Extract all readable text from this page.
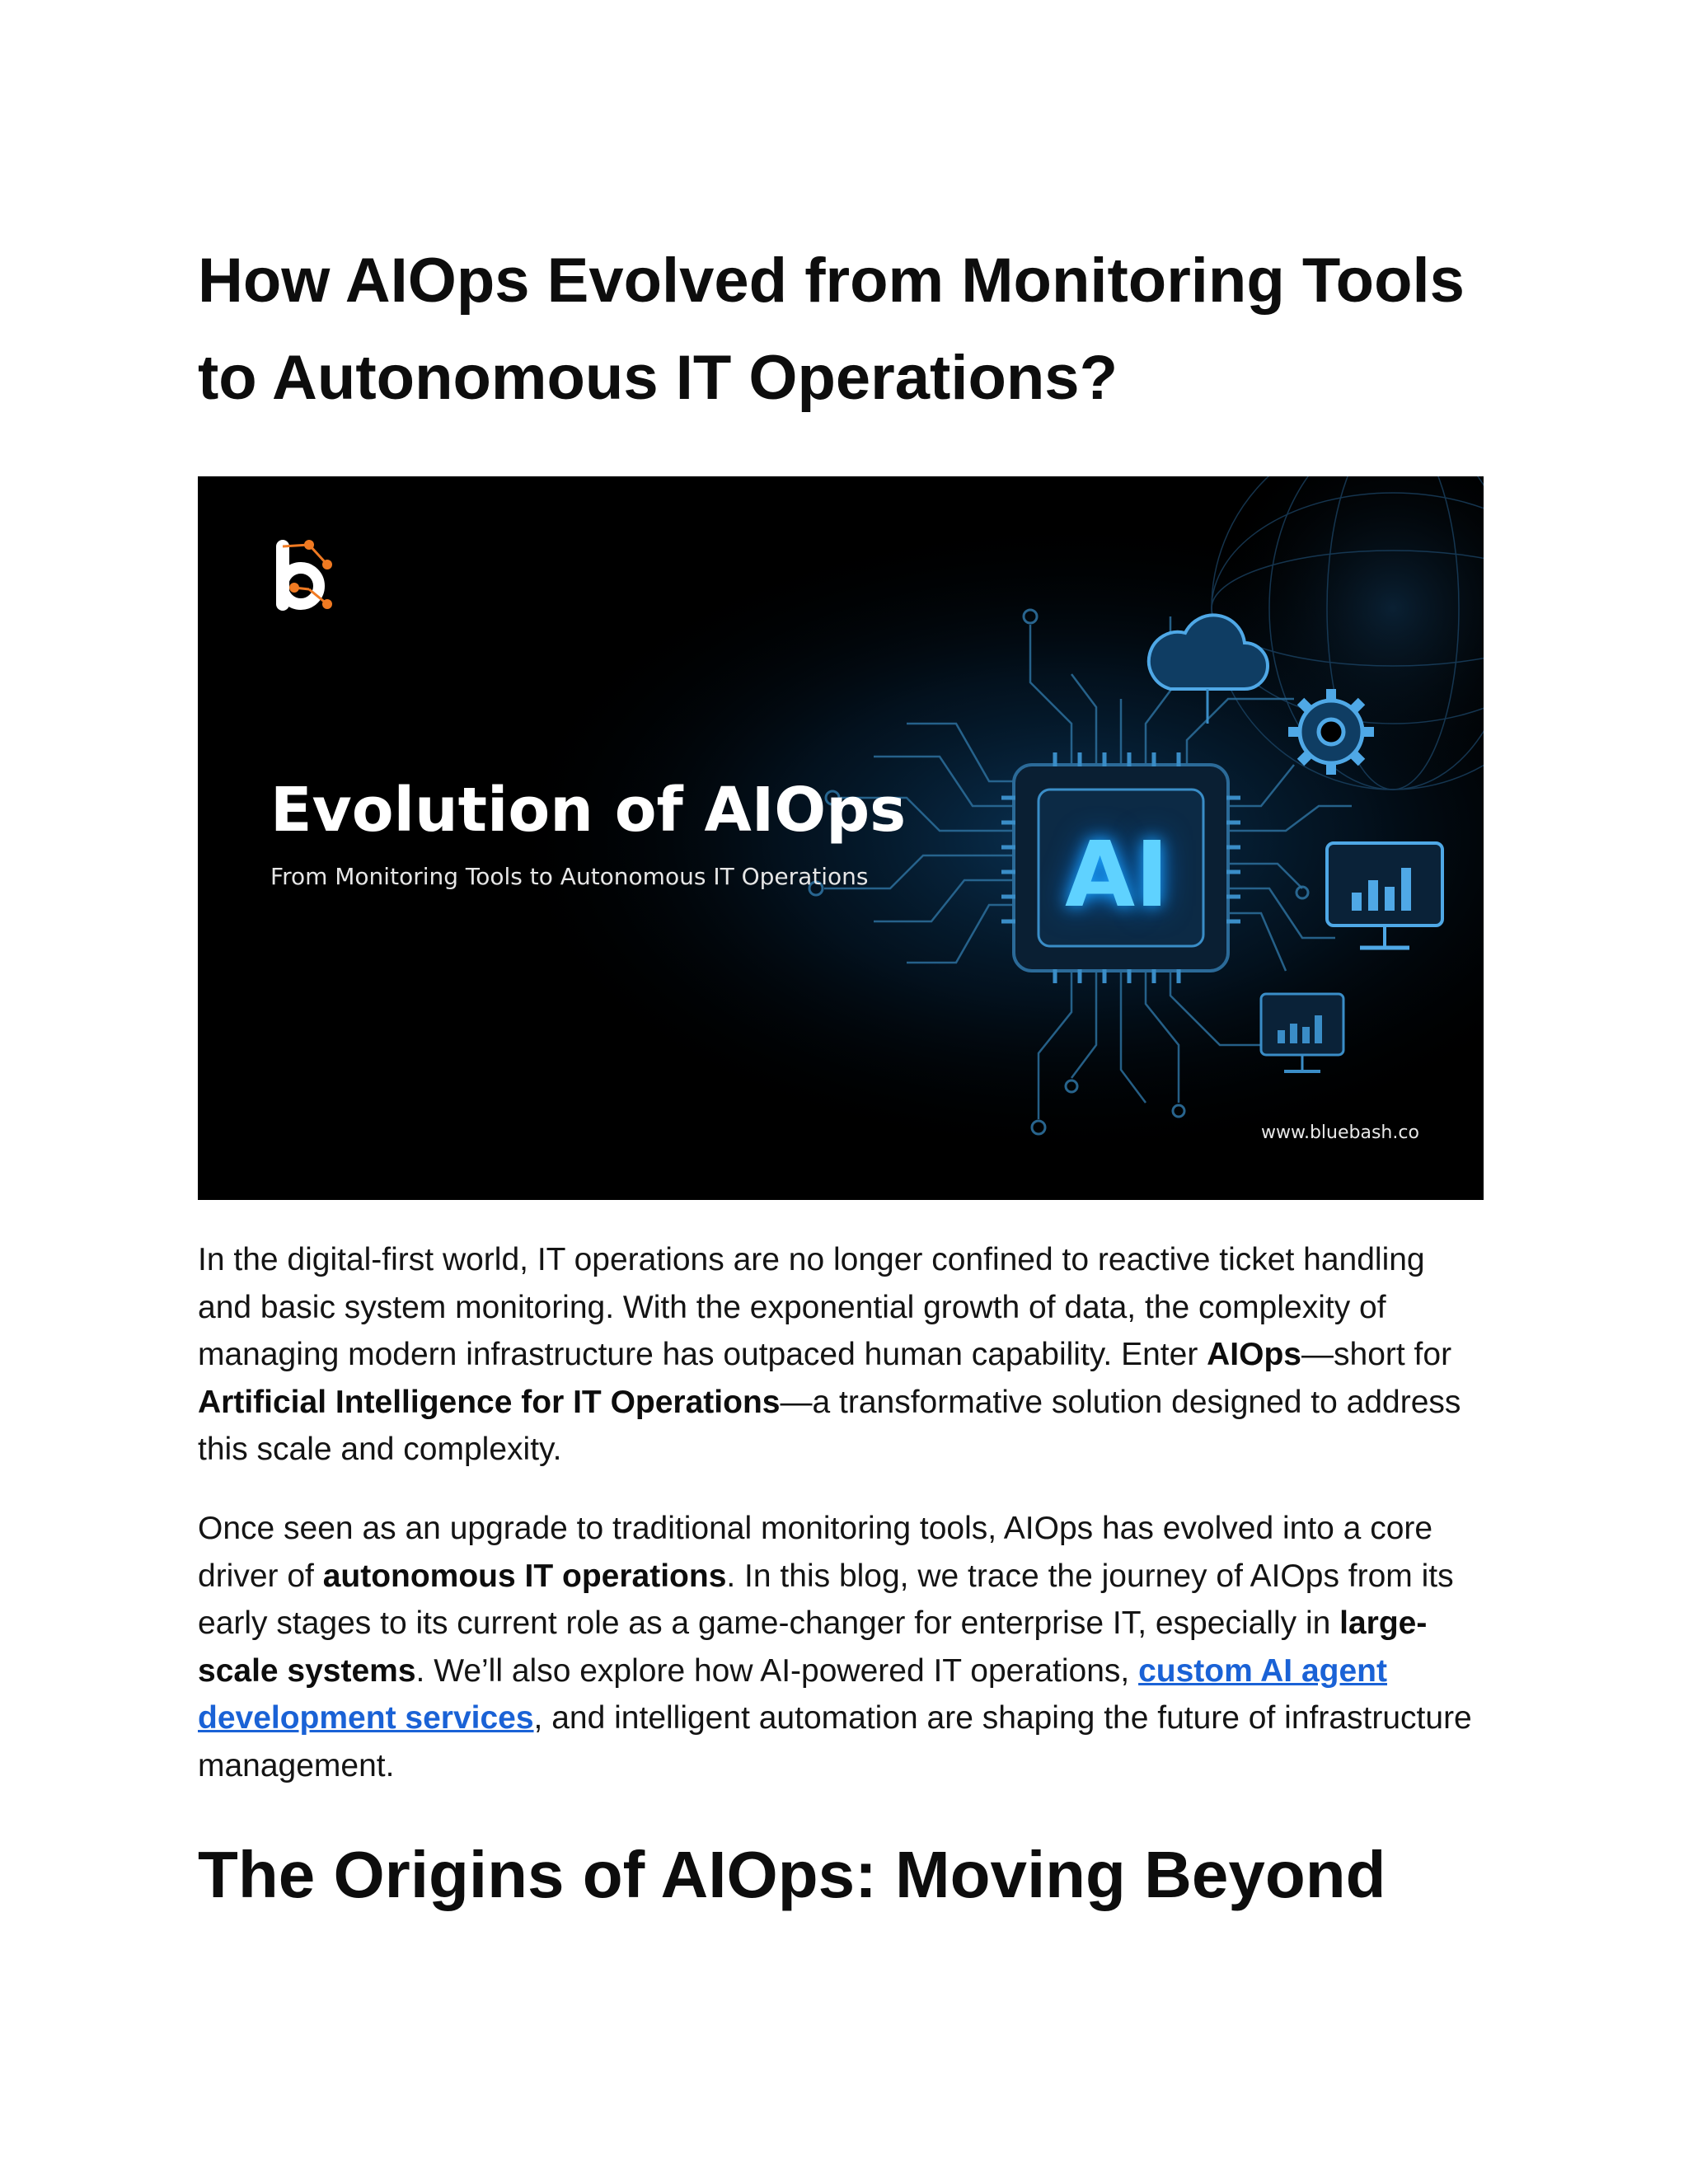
How AIOps Evolved from Monitoring Tools
to Autonomous IT Operations?
AI
Evolution of AIOps
From Monitoring Tools to Autonomous IT Operations
www.bluebash.co

In the digital-first world, IT operations are no longer confined to reactive ticket handling and basic system monitoring. With the exponential growth of data, the complexity of managing modern infrastructure has outpaced human capability. Enter AIOps—short for Artificial Intelligence for IT Operations—a transformative solution designed to address this scale and complexity.

Once seen as an upgrade to traditional monitoring tools, AIOps has evolved into a core driver of autonomous IT operations. In this blog, we trace the journey of AIOps from its early stages to its current role as a game-changer for enterprise IT, especially in large-scale systems. We’ll also explore how AI-powered IT operations, custom AI agent development services, and intelligent automation are shaping the future of infrastructure management.

The Origins of AIOps: Moving Beyond
